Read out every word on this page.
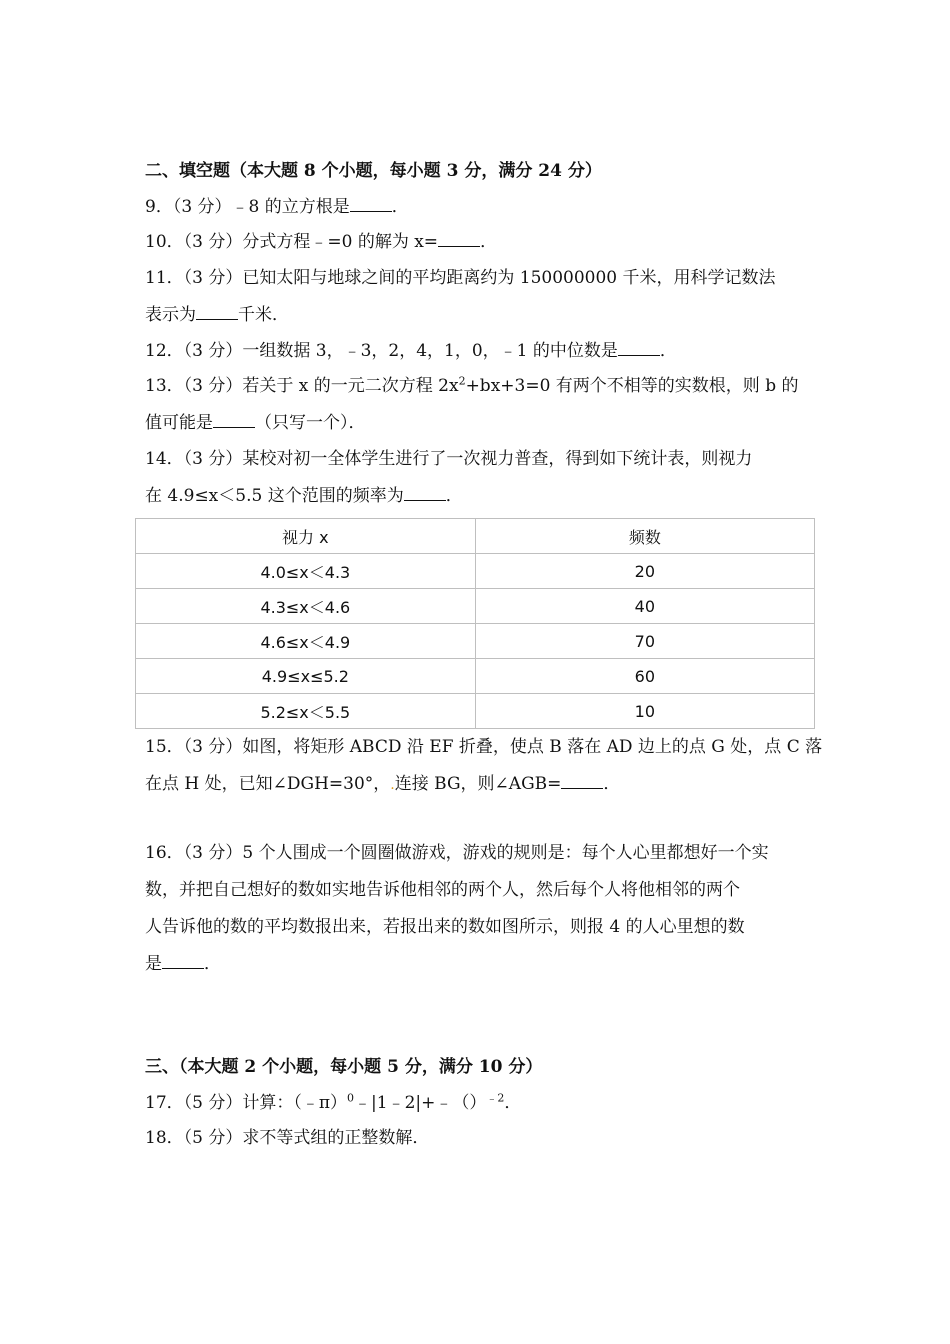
二、填空题（本大题 8 个小题，每小题 3 分，满分 24 分）
9．（3 分）﹣8 的立方根是 ．
10．（3 分）分式方程﹣=0 的解为 x= ．
11．（3 分）已知太阳与地球之间的平均距离约为 150000000 千米，用科学记数法
表示为 千米．
12．（3 分）一组数据 3，﹣3，2，4，1，0，﹣1 的中位数是 ．
13．（3 分）若关于 x 的一元二次方程 $2x^2+bx+3=0$ 有两个不相等的实数根，则 b 的
值可能是 （只写一个）．
14．（3 分）某校对初一全体学生进行了一次视力普查，得到如下统计表，则视力
在 4.9≤x＜5.5 这个范围的频率为 ．
视力 x	频数
4.0≤x＜4.3	20
4.3≤x＜4.6	40
4.6≤x＜4.9	70
4.9≤x≤5.2	60
5.2≤x＜5.5	10
15．（3 分）如图，将矩形 ABCD 沿 EF 折叠，使点 B 落在 AD 边上的点 G 处，点 C 落
在点 H 处，已知∠DGH=30°，.连接 BG，则∠AGB= ．
16．（3 分）5 个人围成一个圆圈做游戏，游戏的规则是：每个人心里都想好一个实
数，并把自己想好的数如实地告诉他相邻的两个人，然后每个人将他相邻的两个
人告诉他的数的平均数报出来，若报出来的数如图所示，则报 4 的人心里想的数
是 ．
三、（本大题 2 个小题，每小题 5 分，满分 10 分）
17．（5 分）计算：（﹣π）$^0$﹣|1﹣2|+﹣（）$^{﹣2}$．
18．（5 分）求不等式组的正整数解．
